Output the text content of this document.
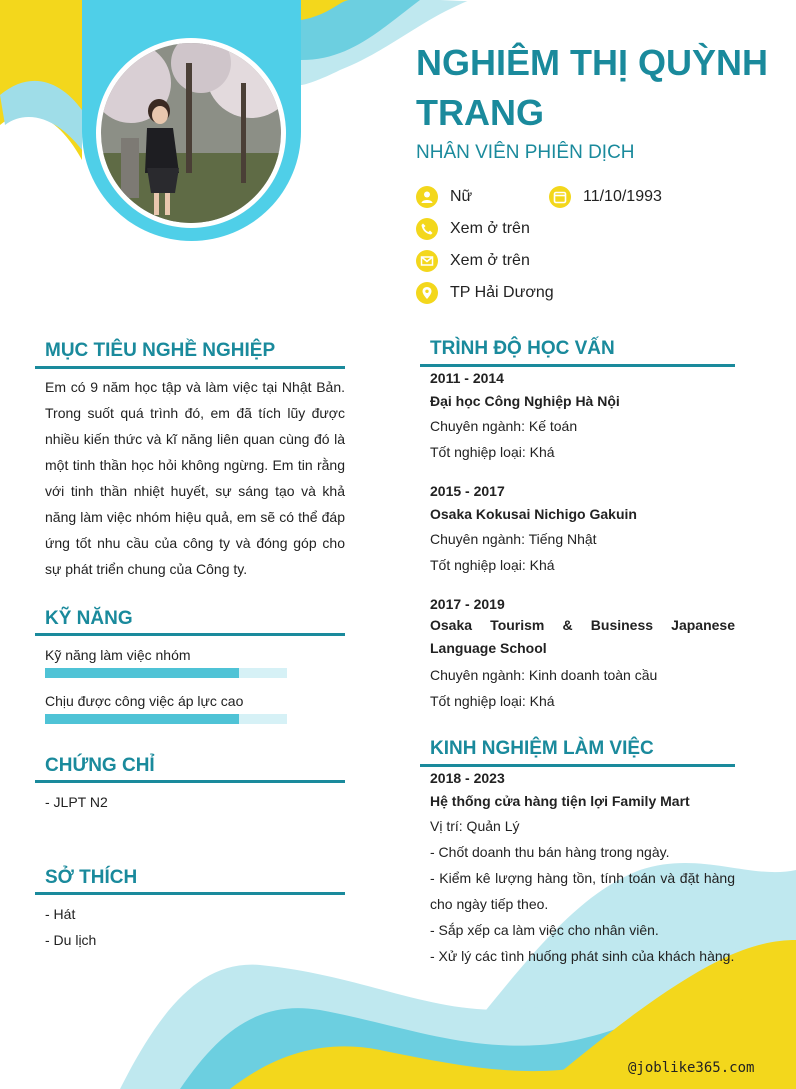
NGHIÊM THỊ QUỲNH TRANG
NHÂN VIÊN PHIÊN DỊCH
Nữ	11/10/1993
Xem ở trên
Xem ở trên
TP Hải Dương
MỤC TIÊU NGHỀ NGHIỆP
Em có 9 năm học tập và làm việc tại Nhật Bản. Trong suốt quá trình đó, em đã tích lũy được nhiều kiến thức và kĩ năng liên quan cùng đó là một tinh thần học hỏi không ngừng. Em tin rằng với tinh thần nhiệt huyết, sự sáng tạo và khả năng làm việc nhóm hiệu quả, em sẽ có thể đáp ứng tốt nhu cầu của công ty và đóng góp cho sự phát triển chung của Công ty.
KỸ NĂNG
Kỹ năng làm việc nhóm
Chịu được công việc áp lực cao
CHỨNG CHỈ
- JLPT N2
SỞ THÍCH
- Hát
- Du lịch
TRÌNH ĐỘ HỌC VẤN
2011 - 2014
Đại học Công Nghiệp Hà Nội
Chuyên ngành: Kế toán
Tốt nghiệp loại: Khá
2015 - 2017
Osaka Kokusai Nichigo Gakuin
Chuyên ngành: Tiếng Nhật
Tốt nghiệp loại: Khá
2017 - 2019
Osaka Tourism & Business Japanese Language School
Chuyên ngành: Kinh doanh toàn cầu
Tốt nghiệp loại: Khá
KINH NGHIỆM LÀM VIỆC
2018 - 2023
Hệ thống cửa hàng tiện lợi Family Mart
Vị trí: Quản Lý
- Chốt doanh thu bán hàng trong ngày.
- Kiểm kê lượng hàng tồn, tính toán và đặt hàng cho ngày tiếp theo.
- Sắp xếp ca làm việc cho nhân viên.
- Xử lý các tình huống phát sinh của khách hàng.
@joblike365.com
